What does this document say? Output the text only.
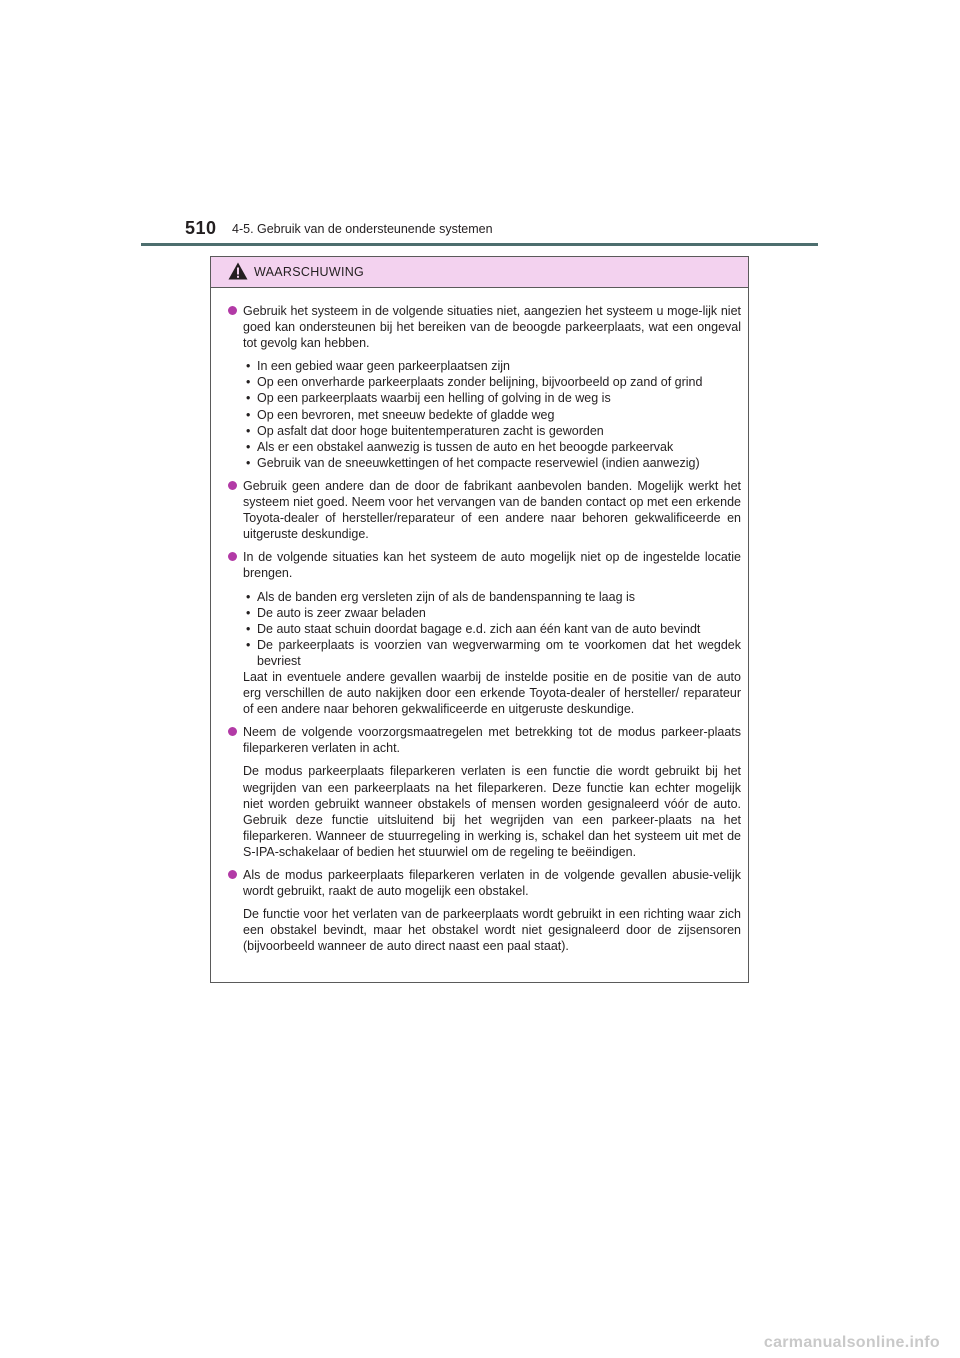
510 4-5. Gebruik van de ondersteunende systemen
WAARSCHUWING

Gebruik het systeem in de volgende situaties niet, aangezien het systeem u moge-lijk niet goed kan ondersteunen bij het bereiken van de beoogde parkeerplaats, wat een ongeval tot gevolg kan hebben.

• In een gebied waar geen parkeerplaatsen zijn
• Op een onverharde parkeerplaats zonder belijning, bijvoorbeeld op zand of grind
• Op een parkeerplaats waarbij een helling of golving in de weg is
• Op een bevroren, met sneeuw bedekte of gladde weg
• Op asfalt dat door hoge buitentemperaturen zacht is geworden
• Als er een obstakel aanwezig is tussen de auto en het beoogde parkeervak
• Gebruik van de sneeuwkettingen of het compacte reservewiel (indien aanwezig)

Gebruik geen andere dan de door de fabrikant aanbevolen banden. Mogelijk werkt het systeem niet goed. Neem voor het vervangen van de banden contact op met een erkende Toyota-dealer of hersteller/reparateur of een andere naar behoren gekwalificeerde en uitgeruste deskundige.

In de volgende situaties kan het systeem de auto mogelijk niet op de ingestelde locatie brengen.

• Als de banden erg versleten zijn of als de bandenspanning te laag is
• De auto is zeer zwaar beladen
• De auto staat schuin doordat bagage e.d. zich aan één kant van de auto bevindt
• De parkeerplaats is voorzien van wegverwarming om te voorkomen dat het wegdek bevriest

Laat in eventuele andere gevallen waarbij de instelde positie en de positie van de auto erg verschillen de auto nakijken door een erkende Toyota-dealer of hersteller/ reparateur of een andere naar behoren gekwalificeerde en uitgeruste deskundige.

Neem de volgende voorzorgsmaatregelen met betrekking tot de modus parkeer-plaats fileparkeren verlaten in acht.

De modus parkeerplaats fileparkeren verlaten is een functie die wordt gebruikt bij het wegrijden van een parkeerplaats na het fileparkeren. Deze functie kan echter mogelijk niet worden gebruikt wanneer obstakels of mensen worden gesignaleerd vóór de auto. Gebruik deze functie uitsluitend bij het wegrijden van een parkeer-plaats na het fileparkeren. Wanneer de stuurregeling in werking is, schakel dan het systeem uit met de S-IPA-schakelaar of bedien het stuurwiel om de regeling te beëindigen.

Als de modus parkeerplaats fileparkeren verlaten in de volgende gevallen abusie-velijk wordt gebruikt, raakt de auto mogelijk een obstakel.

De functie voor het verlaten van de parkeerplaats wordt gebruikt in een richting waar zich een obstakel bevindt, maar het obstakel wordt niet gesignaleerd door de zijsensoren (bijvoorbeeld wanneer de auto direct naast een paal staat).

carmanualsonline.info
